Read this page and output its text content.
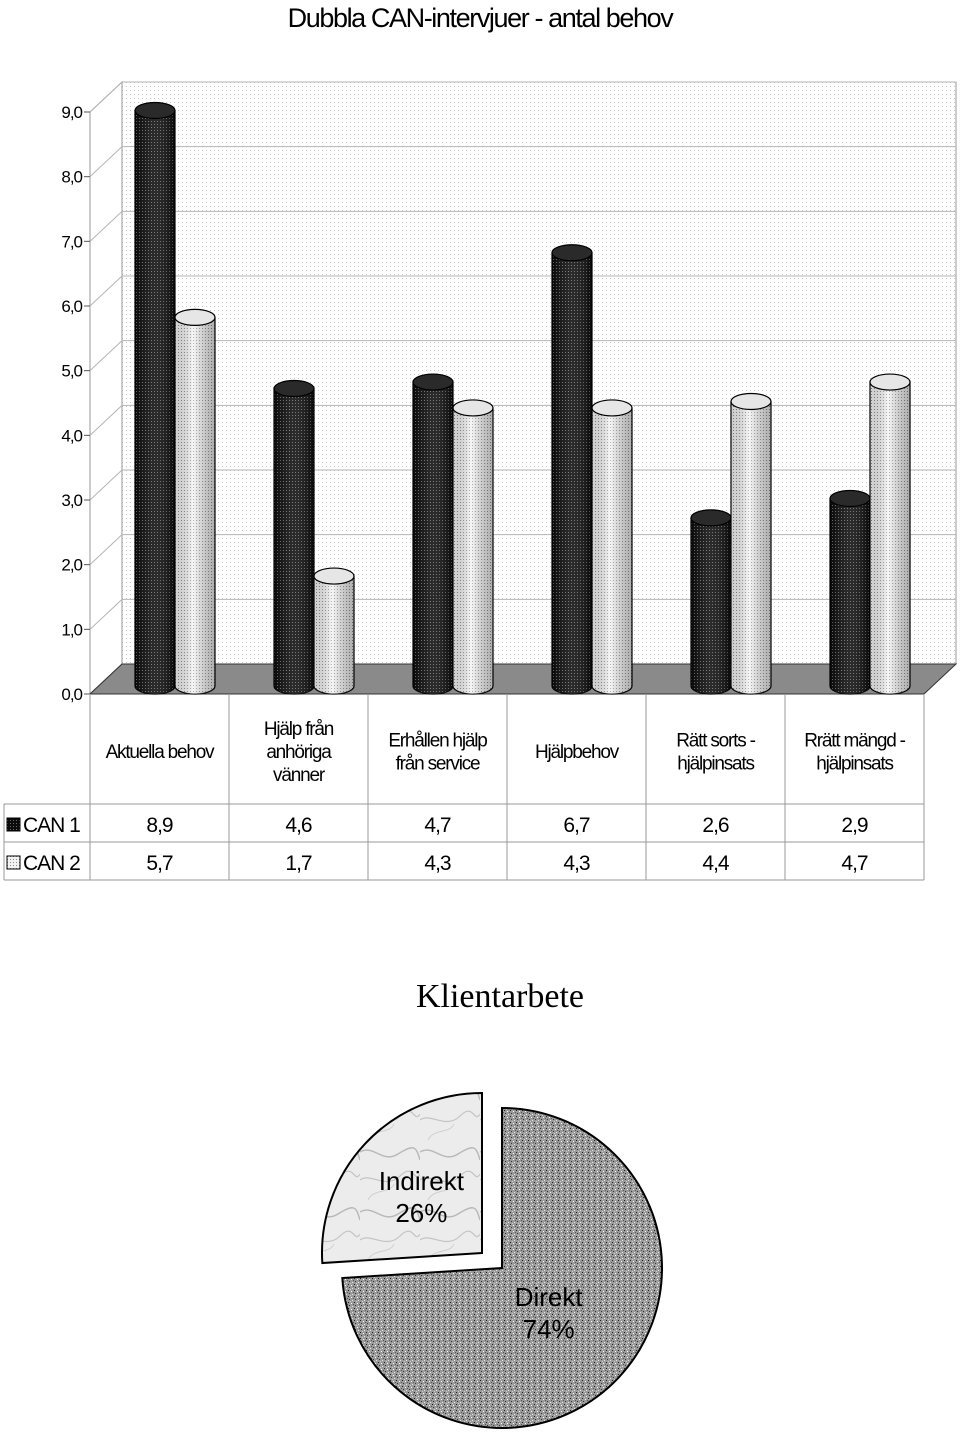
Dubbla CAN-intervjuer - antal behov
0,0
1,0
2,0
3,0
4,0
5,0
6,0
7,0
8,0
9,0
Aktuella behov
Hjälp från anhöriga vänner
Erhållen hjälp från service
Hjälpbehov
Rätt sorts -hjälpinsats
Rrätt mängd -hjälpinsats
CAN 1	8,9	4,6	4,7	6,7	2,6	2,9
CAN 2	5,7	1,7	4,3	4,3	4,4	4,7
Klientarbete
Indirekt
26%
Direkt
74%
